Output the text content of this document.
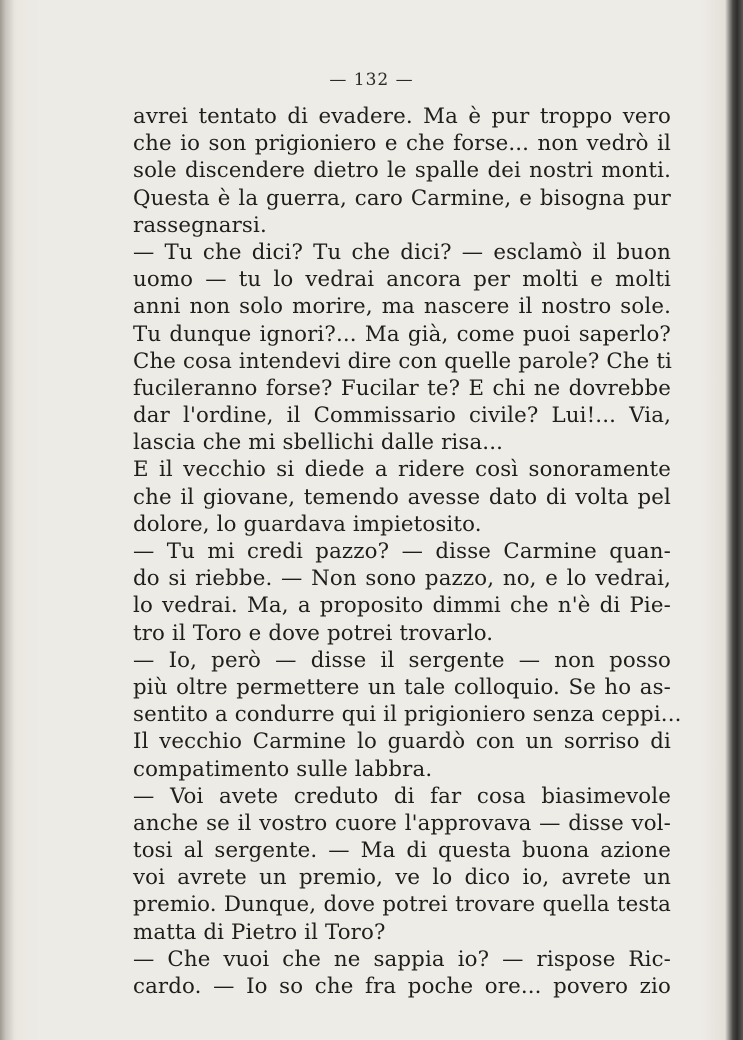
— 132 —
avrei tentato di evadere. Ma è pur troppo vero
che io son prigioniero e che forse... non vedrò il
sole discendere dietro le spalle dei nostri monti.
Questa è la guerra, caro Carmine, e bisogna pur
rassegnarsi.
— Tu che dici? Tu che dici? — esclamò il buon
uomo — tu lo vedrai ancora per molti e molti
anni non solo morire, ma nascere il nostro sole.
Tu dunque ignori?... Ma già, come puoi saperlo?
Che cosa intendevi dire con quelle parole? Che ti
fucileranno forse? Fucilar te? E chi ne dovrebbe
dar l'ordine, il Commissario civile? Lui!... Via,
lascia che mi sbellichi dalle risa...
E il vecchio si diede a ridere così sonoramente
che il giovane, temendo avesse dato di volta pel
dolore, lo guardava impietosito.
— Tu mi credi pazzo? — disse Carmine quan-
do si riebbe. — Non sono pazzo, no, e lo vedrai,
lo vedrai. Ma, a proposito dimmi che n'è di Pie-
tro il Toro e dove potrei trovarlo.
— Io, però — disse il sergente — non posso
più oltre permettere un tale colloquio. Se ho as-
sentito a condurre qui il prigioniero senza ceppi...
Il vecchio Carmine lo guardò con un sorriso di
compatimento sulle labbra.
— Voi avete creduto di far cosa biasimevole
anche se il vostro cuore l'approvava — disse vol-
tosi al sergente. — Ma di questa buona azione
voi avrete un premio, ve lo dico io, avrete un
premio. Dunque, dove potrei trovare quella testa
matta di Pietro il Toro?
— Che vuoi che ne sappia io? — rispose Ric-
cardo. — Io so che fra poche ore... povero zio
